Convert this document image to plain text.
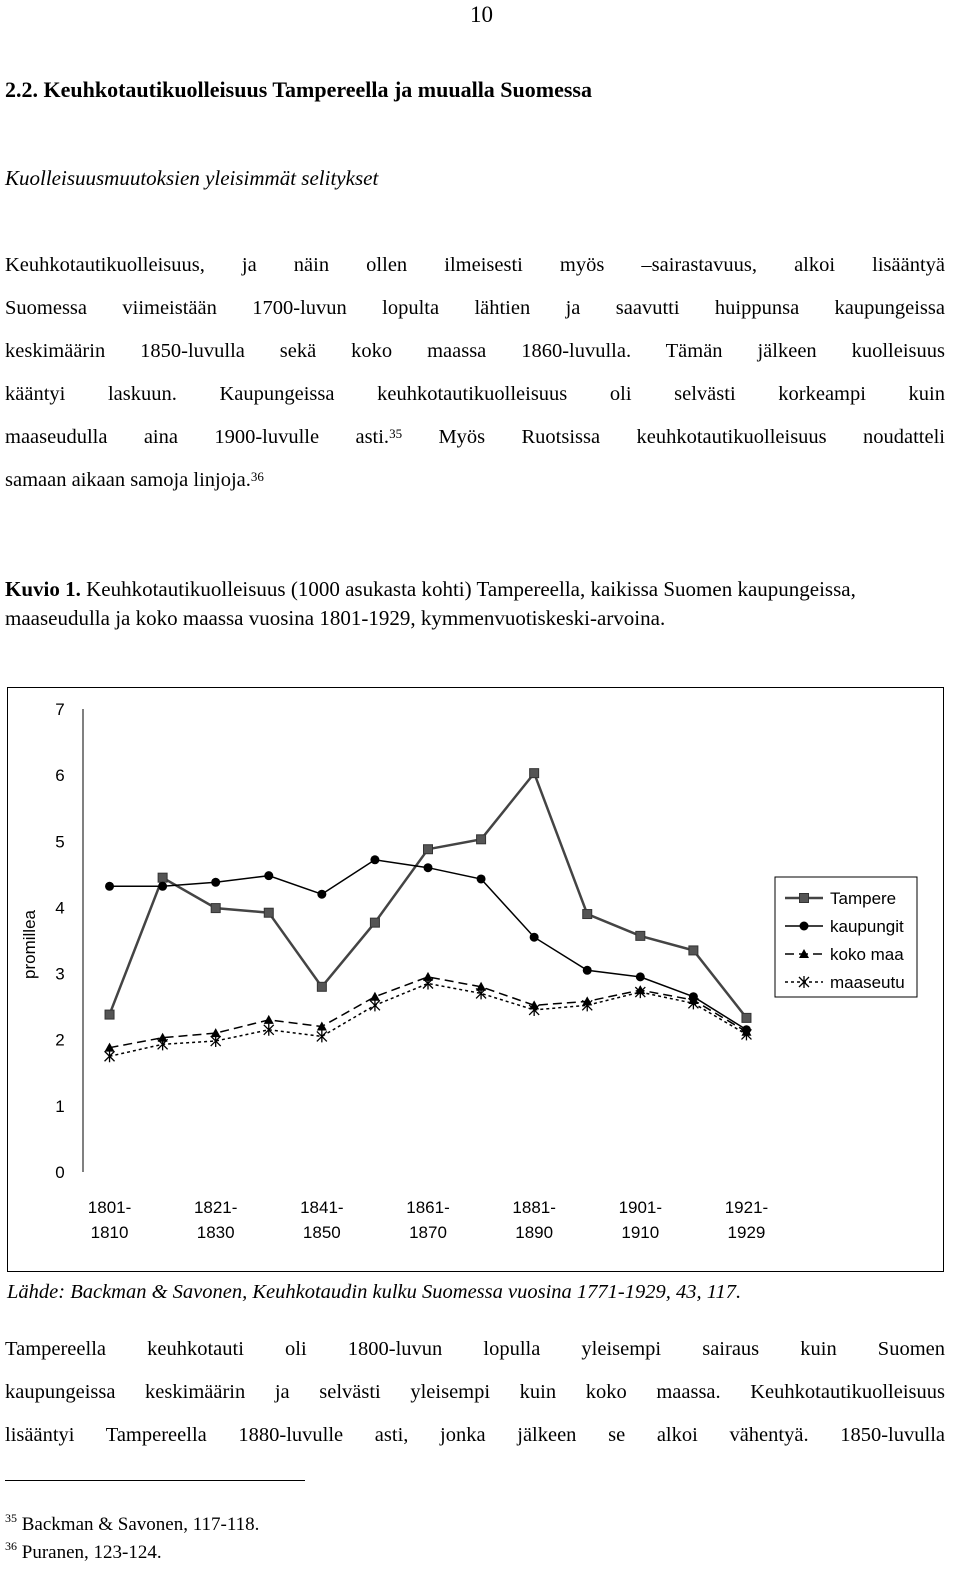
10
2.2. Keuhkotautikuolleisuus Tampereella ja muualla Suomessa
Kuolleisuusmuutoksien yleisimmät selitykset
Keuhkotautikuolleisuus, ja näin ollen ilmeisesti myös –sairastavuus, alkoi lisääntyä
Suomessa viimeistään 1700-luvun lopulta lähtien ja saavutti huippunsa kaupungeissa
keskimäärin 1850-luvulla sekä koko maassa 1860-luvulla. Tämän jälkeen kuolleisuus
kääntyi laskuun. Kaupungeissa keuhkotautikuolleisuus oli selvästi korkeampi kuin
maaseudulla aina 1900-luvulle asti.$^{35}$ Myös Ruotsissa keuhkotautikuolleisuus noudatteli
samaan aikaan samoja linjoja.$^{36}$
Kuvio 1. Keuhkotautikuolleisuus (1000 asukasta kohti) Tampereella, kaikissa Suomen kaupungeissa, maaseudulla ja koko maassa vuosina 1801-1929, kymmenvuotiskeski-arvoina.
0
1
2
3
4
5
6
7
promillea
1801-
1810
1821-
1830
1841-
1850
1861-
1870
1881-
1890
1901-
1910
1921-
1929
Tampere
kaupungit
koko maa
maaseutu
Lähde: Backman & Savonen, Keuhkotaudin kulku Suomessa vuosina 1771-1929, 43, 117.
Tampereella keuhkotauti oli 1800-luvun lopulla yleisempi sairaus kuin Suomen
kaupungeissa keskimäärin ja selvästi yleisempi kuin koko maassa. Keuhkotautikuolleisuus
lisääntyi Tampereella 1880-luvulle asti, jonka jälkeen se alkoi vähentyä. 1850-luvulla
$^{35}$ Backman & Savonen, 117-118.
$^{36}$ Puranen, 123-124.
